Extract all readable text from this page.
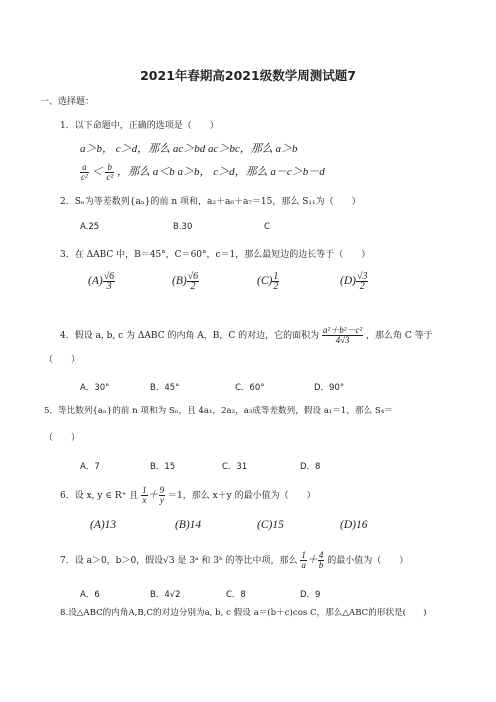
2021年春期高2021级数学周测试题7
一、选择题：
1．以下命题中，正确的选项是（　　）
a＞b， c＞d，那么 ac＞bd ac＞bc，那么 a＞b
$\frac{a}{\text{c²}} < \frac{b}{\text{c²}}$ ，那么 a＜b a＞b， c＞d，那么 a－c＞b－d
2．Sₙ为等差数列{aₙ}的前 n 项和，a₂＋a₆＋a₇＝15，那么 S₁₁为（　　）
A.25	B.30	C
3．在 ΔABC 中，B＝45°，C＝60°，c＝1，那么最短边的边长等于（　　）
$(A) \frac{√6}{3}$	$(B) \frac{√6}{2}$	$(C) \frac{1}{2}$	$(D) \frac{√3}{2}$
4．假设 a, b, c 为 ΔABC 的内角 A，B，C 的对边，它的面积为 $\frac{\text{a²＋b²－c²}}{4√3}$ ，那么角 C 等于
（　　）
A．30°	B．45°	C．60°	D．90°
5．等比数列{aₙ}的前 n 项和为 Sₙ，且 4a₁，2a₂，a₃成等差数列，假设 a₁＝1，那么 S₄＝
（　　）
A．7	B．15	C．31	D．8
6．设 x, y ∈ R⁺ 且 $\frac{1}{x} + \frac{9}{y} =1$，那么 x＋y 的最小值为（　　）
(A)13	(B)14	(C)15	(D)16
7．设 a＞0，b＞0，假设√3 是 3ᵃ 和 3ᵇ 的等比中项，那么 $\frac{1}{a} + \frac{4}{b}$ 的最小值为（　　）
A．6	B．4√2	C．8	D．9
8.设△ABC的内角A,B,C的对边分别为a, b, c 假设 a＝(b＋c)cos C，那么△ABC的形状是(　　)
